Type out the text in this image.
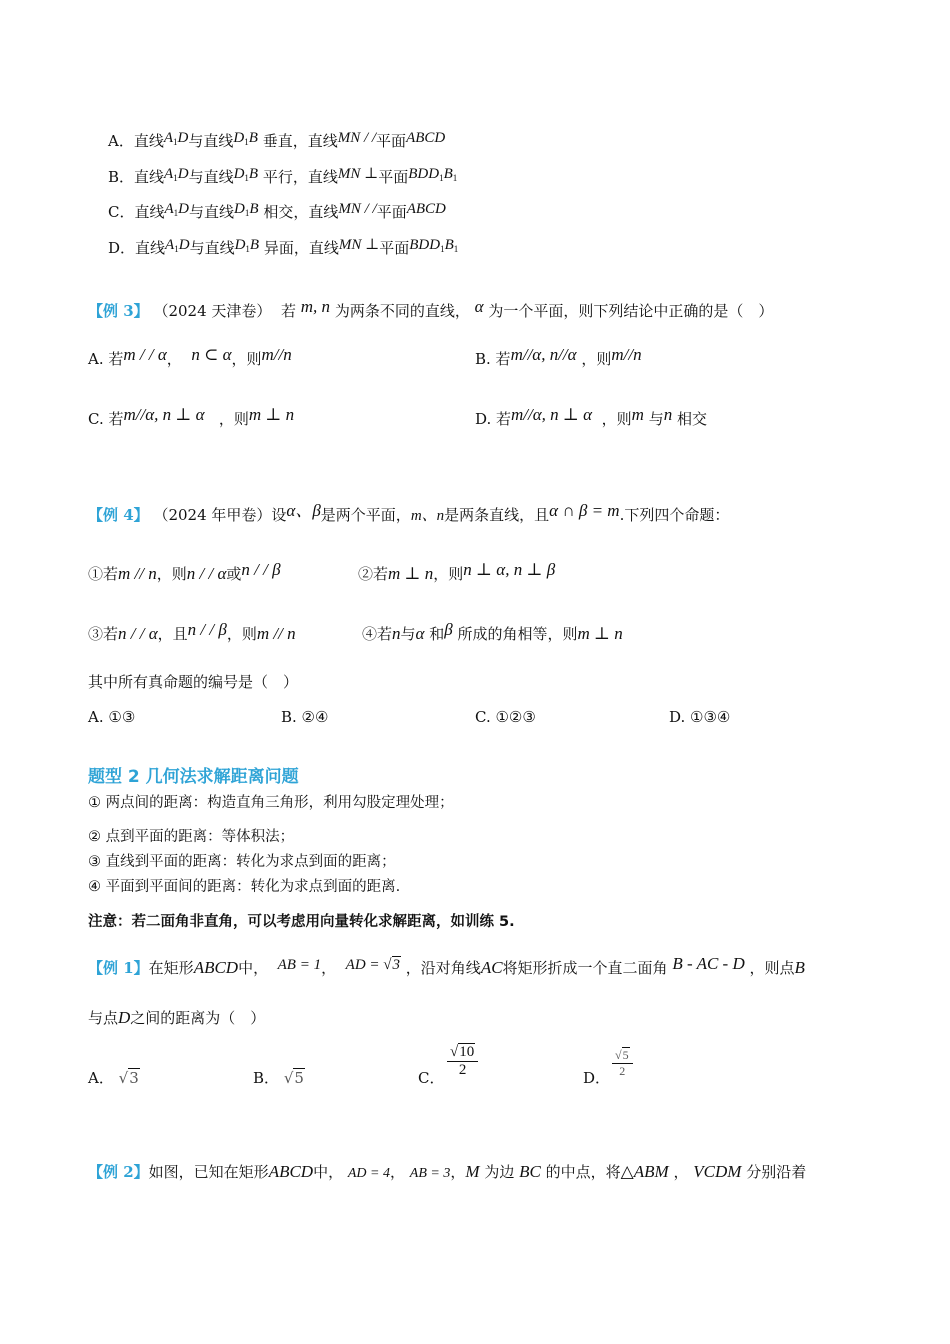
A．直线$A_1D$与直线$D_1B$ 垂直，直线MN / /平面ABCD
B．直线$A_1D$与直线$D_1B$ 平行，直线MN ⊥平面$BDD_1B_1$
C．直线$A_1D$与直线$D_1B$ 相交，直线MN / /平面ABCD
D．直线$A_1D$与直线$D_1B$ 异面，直线MN ⊥平面$BDD_1B_1$
【例 3】 （2024 天津卷） 若 m, n 为两条不同的直线， α 为一个平面，则下列结论中正确的是（　）
A. 若m / / α， n ⊂ α，则m//n	B. 若m//α, n//α ，则m//n
C. 若m//α, n ⊥ α ，则m ⊥ n	D. 若m//α, n ⊥ α ，则m 与n 相交
【例 4】 （2024 年甲卷）设α、β是两个平面，m、n是两条直线，且α ∩ β = m.下列四个命题：
①若m // n，则n / / α或n / / β	②若m ⊥ n，则n ⊥ α, n ⊥ β
③若n / / α，且n / / β，则m // n	④若n与α 和β 所成的角相等，则m ⊥ n
其中所有真命题的编号是（　）
A. ①③	B. ②④	C. ①②③	D. ①③④
题型 2 几何法求解距离问题
① 两点间的距离：构造直角三角形，利用勾股定理处理；
② 点到平面的距离：等体积法；
③ 直线到平面的距离：转化为求点到面的距离；
④ 平面到平面间的距离：转化为求点到面的距离.
注意：若二面角非直角，可以考虑用向量转化求解距离，如训练 5.
【例 1】在矩形ABCD中， AB = 1， AD = √3 ，沿对角线AC将矩形折成一个直二面角 B - AC - D ，则点B
与点D之间的距离为（　）
A． √3	B． √5	C． $\frac{√10}{2}$	D． $\frac{√5}{2}$
【例 2】如图，已知在矩形ABCD中， AD = 4， AB = 3，M 为边 BC 的中点，将△ABM ， VCDM 分别沿着
